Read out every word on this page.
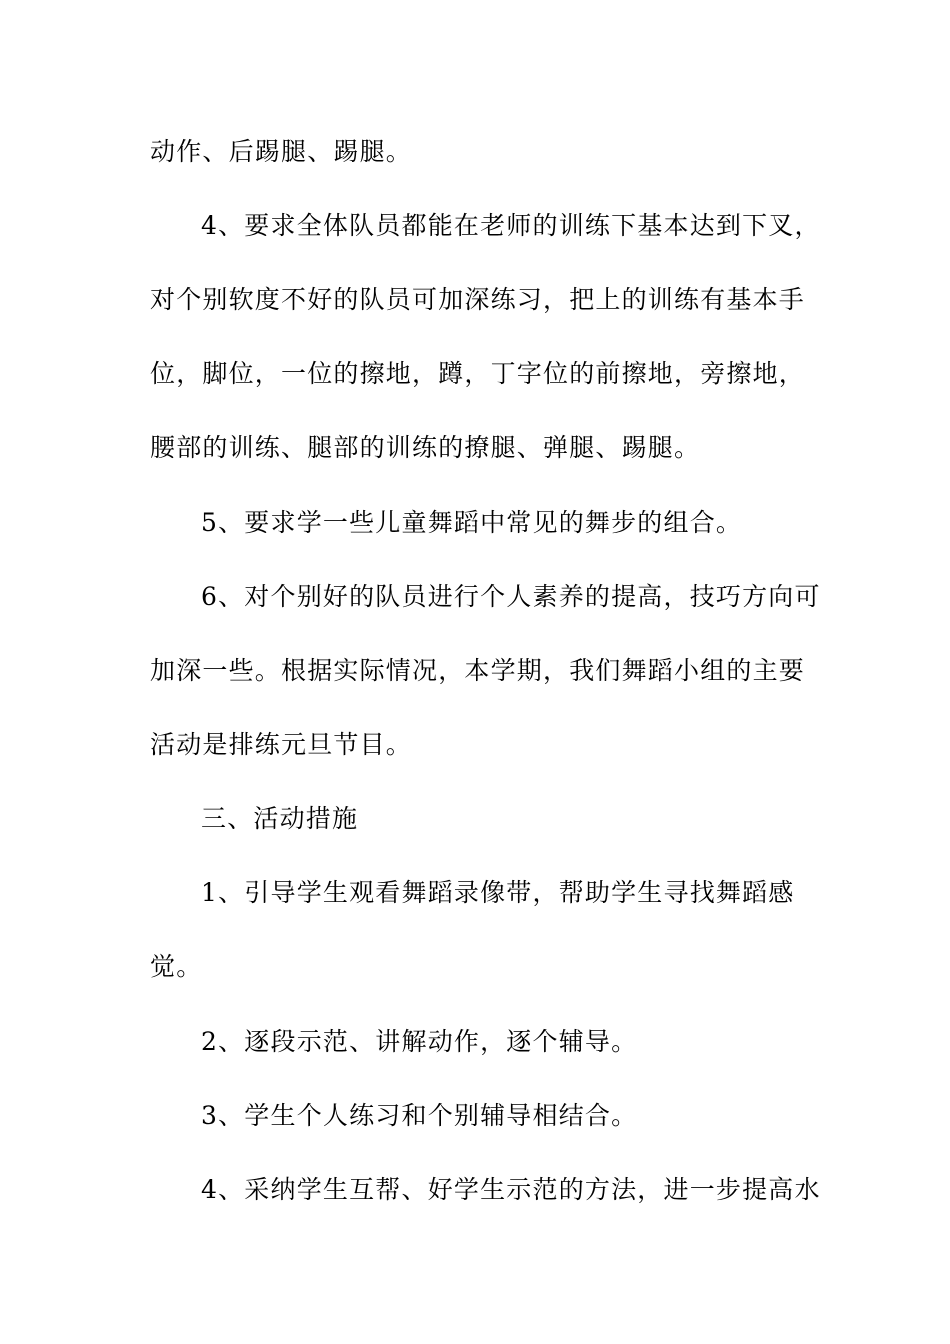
动作、后踢腿、踢腿。
4、要求全体队员都能在老师的训练下基本达到下叉，
对个别软度不好的队员可加深练习，把上的训练有基本手
位，脚位，一位的擦地，蹲，丁字位的前擦地，旁擦地，
腰部的训练、腿部的训练的撩腿、弹腿、踢腿。
5、要求学一些儿童舞蹈中常见的舞步的组合。
6、对个别好的队员进行个人素养的提高，技巧方向可
加深一些。根据实际情况，本学期，我们舞蹈小组的主要
活动是排练元旦节目。
三、活动措施
1、引导学生观看舞蹈录像带，帮助学生寻找舞蹈感
觉。
2、逐段示范、讲解动作，逐个辅导。
3、学生个人练习和个别辅导相结合。
4、采纳学生互帮、好学生示范的方法，进一步提高水
